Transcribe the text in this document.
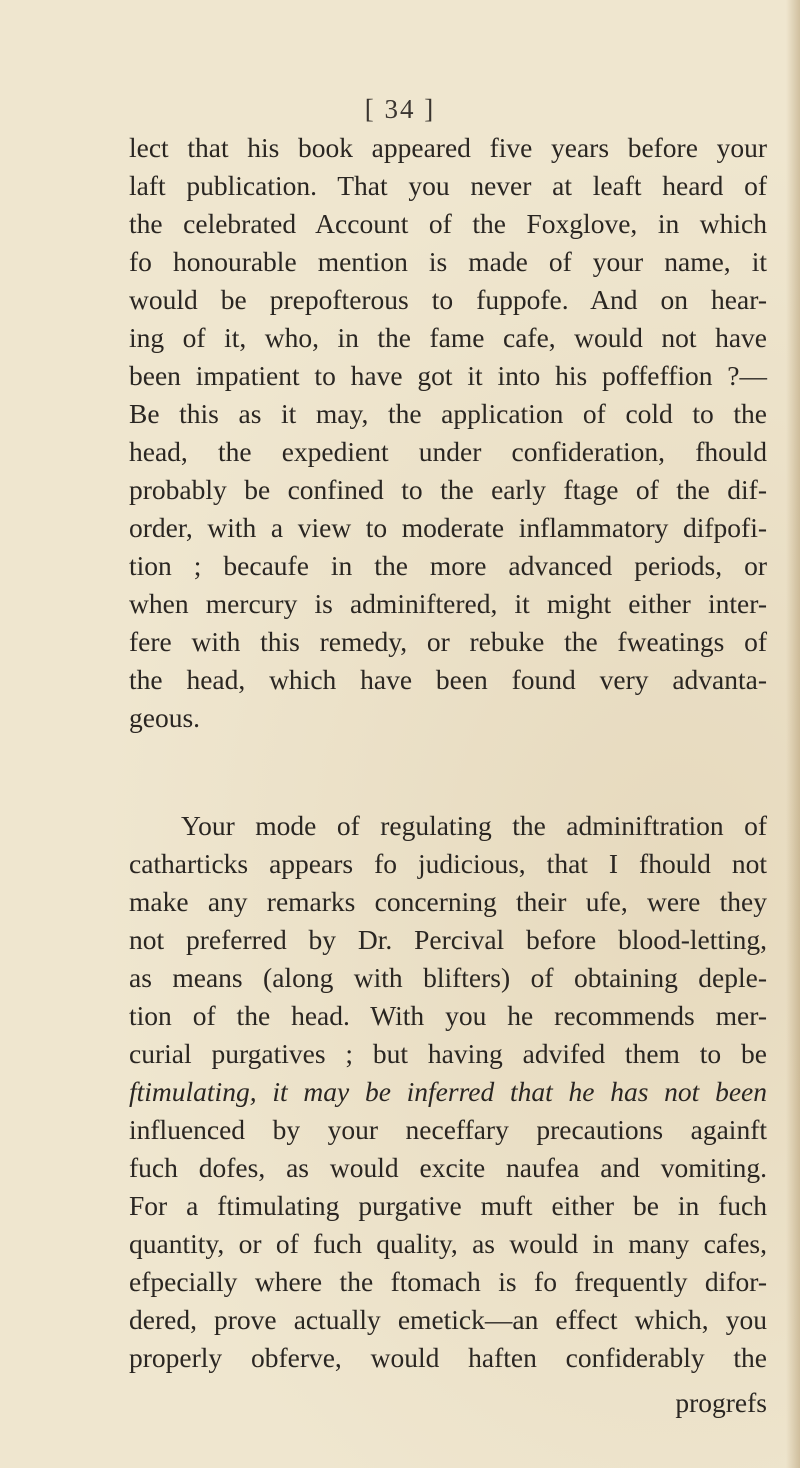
[ 34 ]
lect that his book appeared five years before your
laft publication. That you never at leaft heard of
the celebrated Account of the Foxglove, in which
fo honourable mention is made of your name, it
would be prepofterous to fuppofe. And on hear-
ing of it, who, in the fame cafe, would not have
been impatient to have got it into his poffeffion ?—
Be this as it may, the application of cold to the
head, the expedient under confideration, fhould
probably be confined to the early ftage of the dif-
order, with a view to moderate inflammatory difpofi-
tion ; becaufe in the more advanced periods, or
when mercury is adminiftered, it might either inter-
fere with this remedy, or rebuke the fweatings of
the head, which have been found very advanta-
geous.
Your mode of regulating the adminiftration of
catharticks appears fo judicious, that I fhould not
make any remarks concerning their ufe, were they
not preferred by Dr. Percival before blood-letting,
as means (along with blifters) of obtaining deple-
tion of the head. With you he recommends mer-
curial purgatives ; but having advifed them to be
ftimulating, it may be inferred that he has not been
influenced by your neceffary precautions againft
fuch dofes, as would excite naufea and vomiting.
For a ftimulating purgative muft either be in fuch
quantity, or of fuch quality, as would in many cafes,
efpecially where the ftomach is fo frequently difor-
dered, prove actually emetick—an effect which, you
properly obferve, would haften confiderably the
progrefs
